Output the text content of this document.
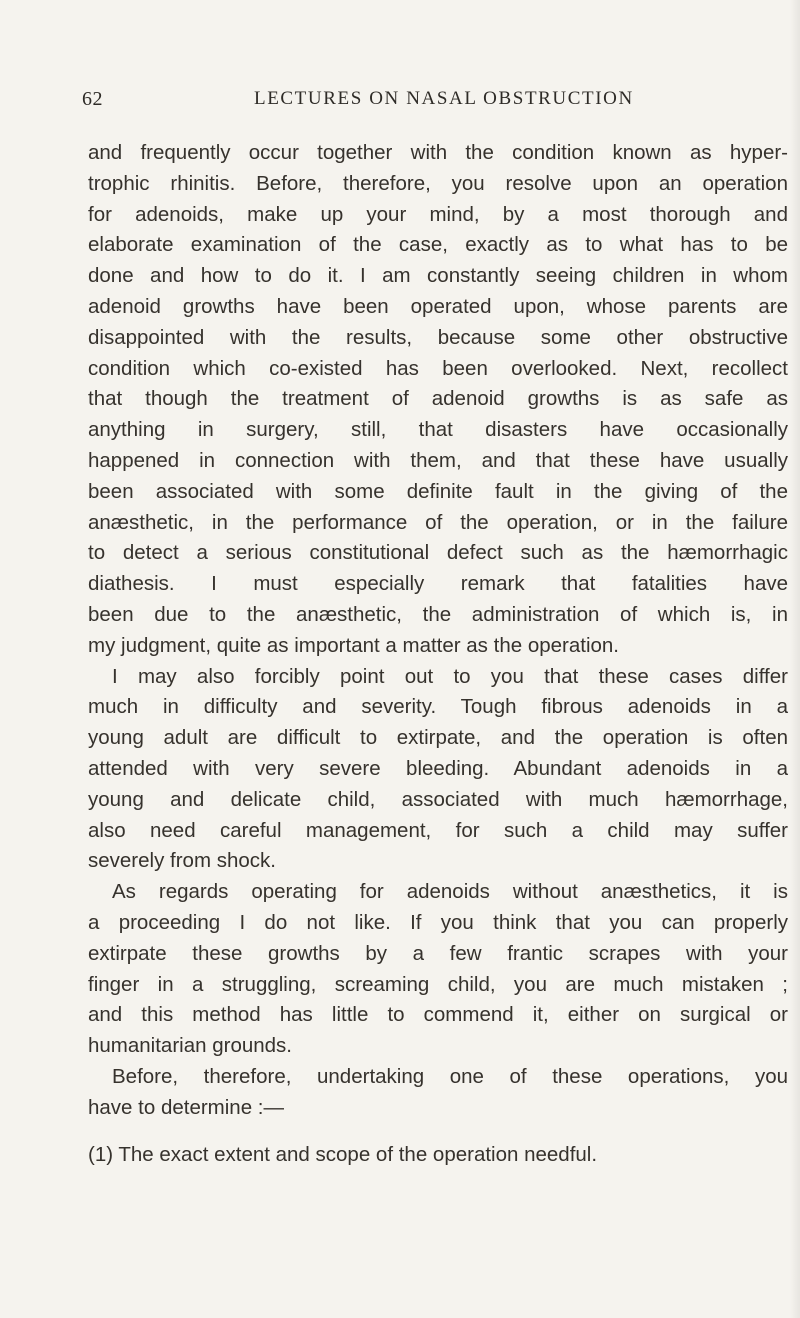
62	LECTURES ON NASAL OBSTRUCTION
and frequently occur together with the condition known as hyper-
trophic rhinitis. Before, therefore, you resolve upon an operation
for adenoids, make up your mind, by a most thorough and
elaborate examination of the case, exactly as to what has to be
done and how to do it. I am constantly seeing children in whom
adenoid growths have been operated upon, whose parents are
disappointed with the results, because some other obstructive
condition which co-existed has been overlooked. Next, recollect
that though the treatment of adenoid growths is as safe as
anything in surgery, still, that disasters have occasionally
happened in connection with them, and that these have usually
been associated with some definite fault in the giving of the
anæsthetic, in the performance of the operation, or in the failure
to detect a serious constitutional defect such as the hæmorrhagic
diathesis. I must especially remark that fatalities have
been due to the anæsthetic, the administration of which is, in
my judgment, quite as important a matter as the operation.
I may also forcibly point out to you that these cases differ
much in difficulty and severity. Tough fibrous adenoids in a
young adult are difficult to extirpate, and the operation is often
attended with very severe bleeding. Abundant adenoids in a
young and delicate child, associated with much hæmorrhage,
also need careful management, for such a child may suffer
severely from shock.
As regards operating for adenoids without anæsthetics, it is
a proceeding I do not like. If you think that you can properly
extirpate these growths by a few frantic scrapes with your
finger in a struggling, screaming child, you are much mistaken ;
and this method has little to commend it, either on surgical or
humanitarian grounds.
Before, therefore, undertaking one of these operations, you
have to determine :—
(1) The exact extent and scope of the operation needful.
